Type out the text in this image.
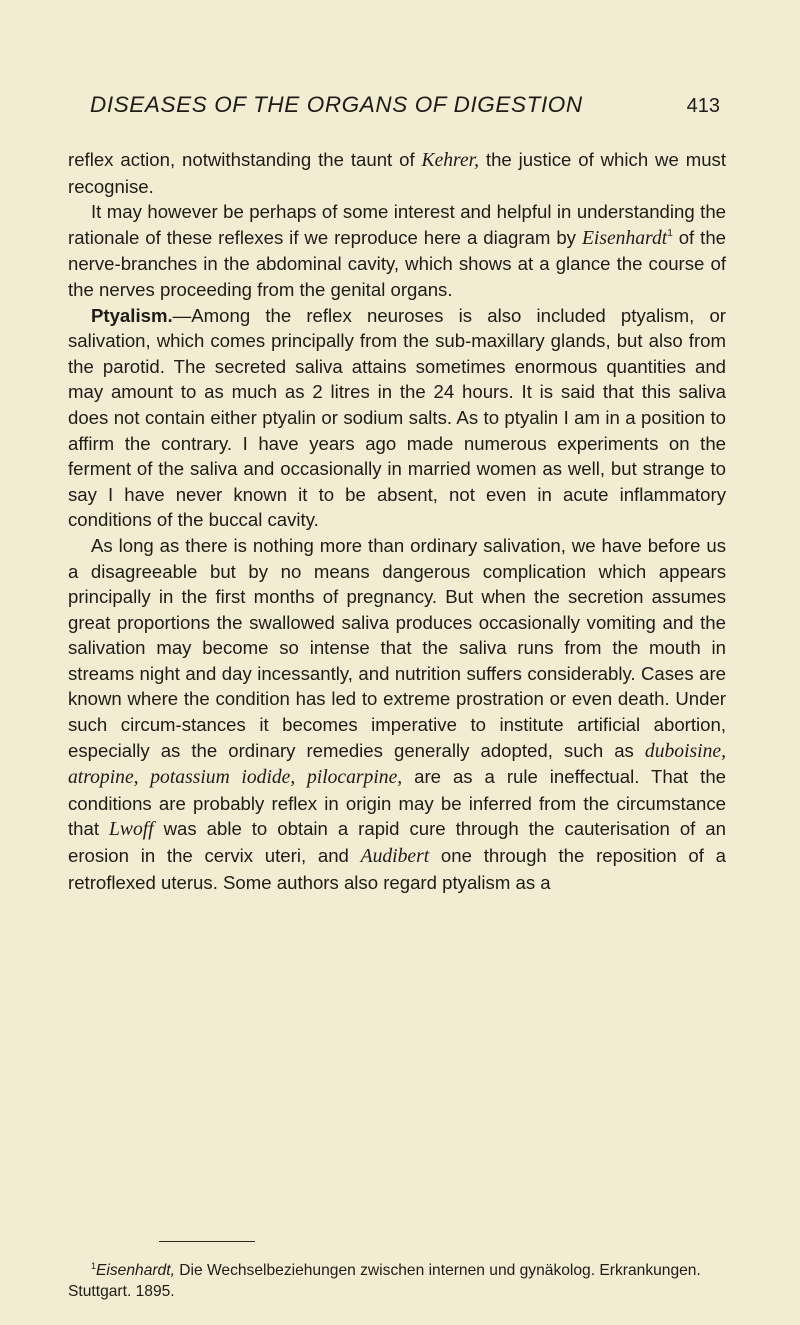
DISEASES OF THE ORGANS OF DIGESTION	413

reflex action, notwithstanding the taunt of Kehrer, the justice of which we must recognise.

It may however be perhaps of some interest and helpful in understanding the rationale of these reflexes if we reproduce here a diagram by Eisenhardt$^1$ of the nerve-branches in the abdominal cavity, which shows at a glance the course of the nerves proceeding from the genital organs.

Ptyalism.—Among the reflex neuroses is also included ptyalism, or salivation, which comes principally from the sub-maxillary glands, but also from the parotid. The secreted saliva attains sometimes enormous quantities and may amount to as much as 2 litres in the 24 hours. It is said that this saliva does not contain either ptyalin or sodium salts. As to ptyalin I am in a position to affirm the contrary. I have years ago made numerous experiments on the ferment of the saliva and occasionally in married women as well, but strange to say I have never known it to be absent, not even in acute inflammatory conditions of the buccal cavity.

As long as there is nothing more than ordinary salivation, we have before us a disagreeable but by no means dangerous complication which appears principally in the first months of pregnancy. But when the secretion assumes great proportions the swallowed saliva produces occasionally vomiting and the salivation may become so intense that the saliva runs from the mouth in streams night and day incessantly, and nutrition suffers considerably. Cases are known where the condition has led to extreme prostration or even death. Under such circum-stances it becomes imperative to institute artificial abortion, especially as the ordinary remedies generally adopted, such as duboisine, atropine, potassium iodide, pilocarpine, are as a rule ineffectual. That the conditions are probably reflex in origin may be inferred from the circumstance that Lwoff was able to obtain a rapid cure through the cauterisation of an erosion in the cervix uteri, and Audibert one through the reposition of a retroflexed uterus. Some authors also regard ptyalism as a

$^1$Eisenhardt, Die Wechselbeziehungen zwischen internen und gynäkolog. Erkrankungen. Stuttgart. 1895.
